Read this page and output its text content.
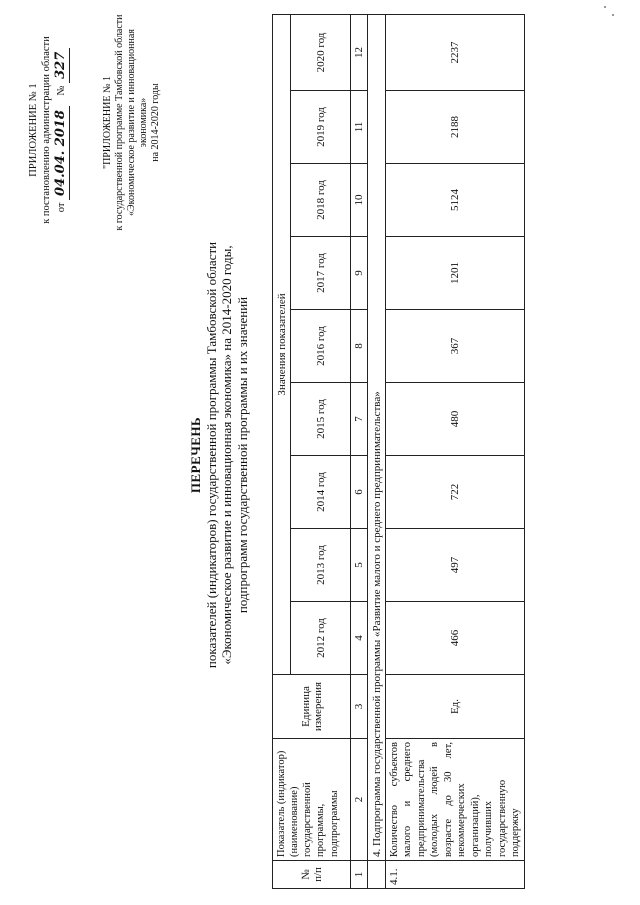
ПРИЛОЖЕНИЕ № 1 к постановлению администрации области от 04.04. 2018    № 327
"ПРИЛОЖЕНИЕ № 1 к государственной программе Тамбовской области «Экономическое развитие и инновационная экономика» на 2014-2020 годы
ПЕРЕЧЕНЬ показателей (индикаторов) государственной программы Тамбовской области «Экономическое развитие и инновационная экономика» на 2014-2020 годы, подпрограмм государственной программы и их значений
№ п/п	Показатель (индикатор) (наименование) государственной программы, подпрограммы	Единица измерения	Значения показателей								
			2012 год	2013 год	2014 год	2015 год	2016 год	2017 год	2018 год	2019 год	2020 год
1	2	3	4	5	6	7	8	9	10	11	12
	4. Подпрограмма государственной программы «Развитие малого и среднего предпринимательства»										
4.1.	Количество субъектов малого и среднего предпринимательства (молодых людей в возрасте до 30 лет, некоммерческих организаций), получивших государственную поддержку	Ед.	466	497	722	480	367	1201	5124	2188	2237
